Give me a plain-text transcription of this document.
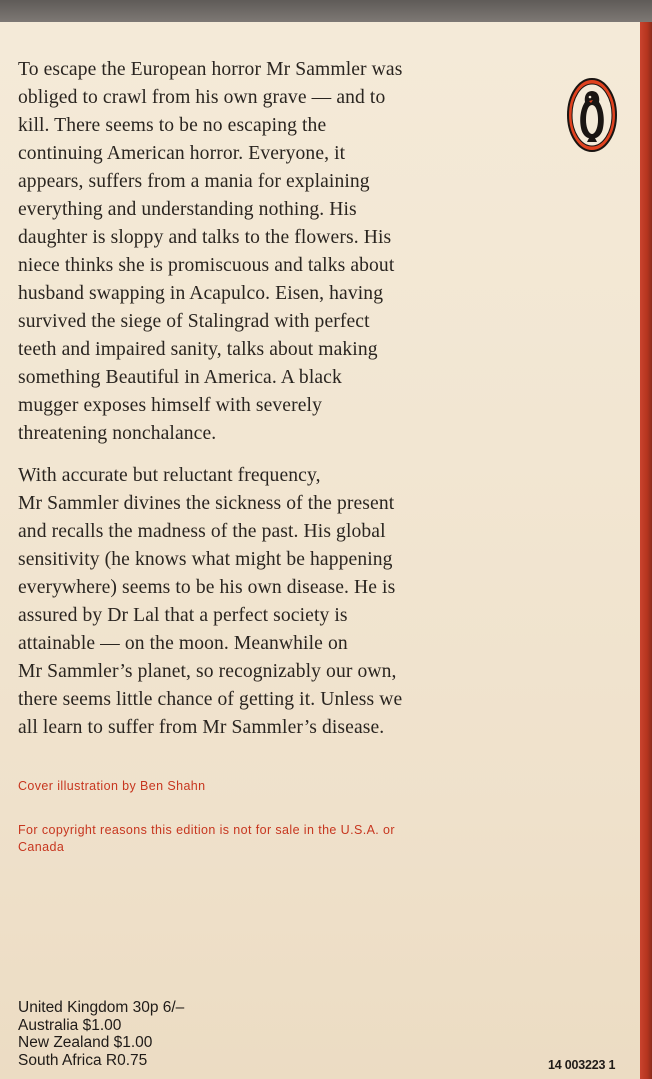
To escape the European horror Mr Sammler was
obliged to crawl from his own grave — and to
kill. There seems to be no escaping the
continuing American horror. Everyone, it
appears, suffers from a mania for explaining
everything and understanding nothing. His
daughter is sloppy and talks to the flowers. His
niece thinks she is promiscuous and talks about
husband swapping in Acapulco. Eisen, having
survived the siege of Stalingrad with perfect
teeth and impaired sanity, talks about making
something Beautiful in America. A black
mugger exposes himself with severely
threatening nonchalance.

With accurate but reluctant frequency,
Mr Sammler divines the sickness of the present
and recalls the madness of the past. His global
sensitivity (he knows what might be happening
everywhere) seems to be his own disease. He is
assured by Dr Lal that a perfect society is
attainable — on the moon. Meanwhile on
Mr Sammler’s planet, so recognizably our own,
there seems little chance of getting it. Unless we
all learn to suffer from Mr Sammler’s disease.

Cover illustration by Ben Shahn
For copyright reasons this edition is not for sale in the U.S.A. or
Canada
United Kingdom 30p 6/–
Australia $1.00
New Zealand $1.00
South Africa R0.75	14 003223 1
